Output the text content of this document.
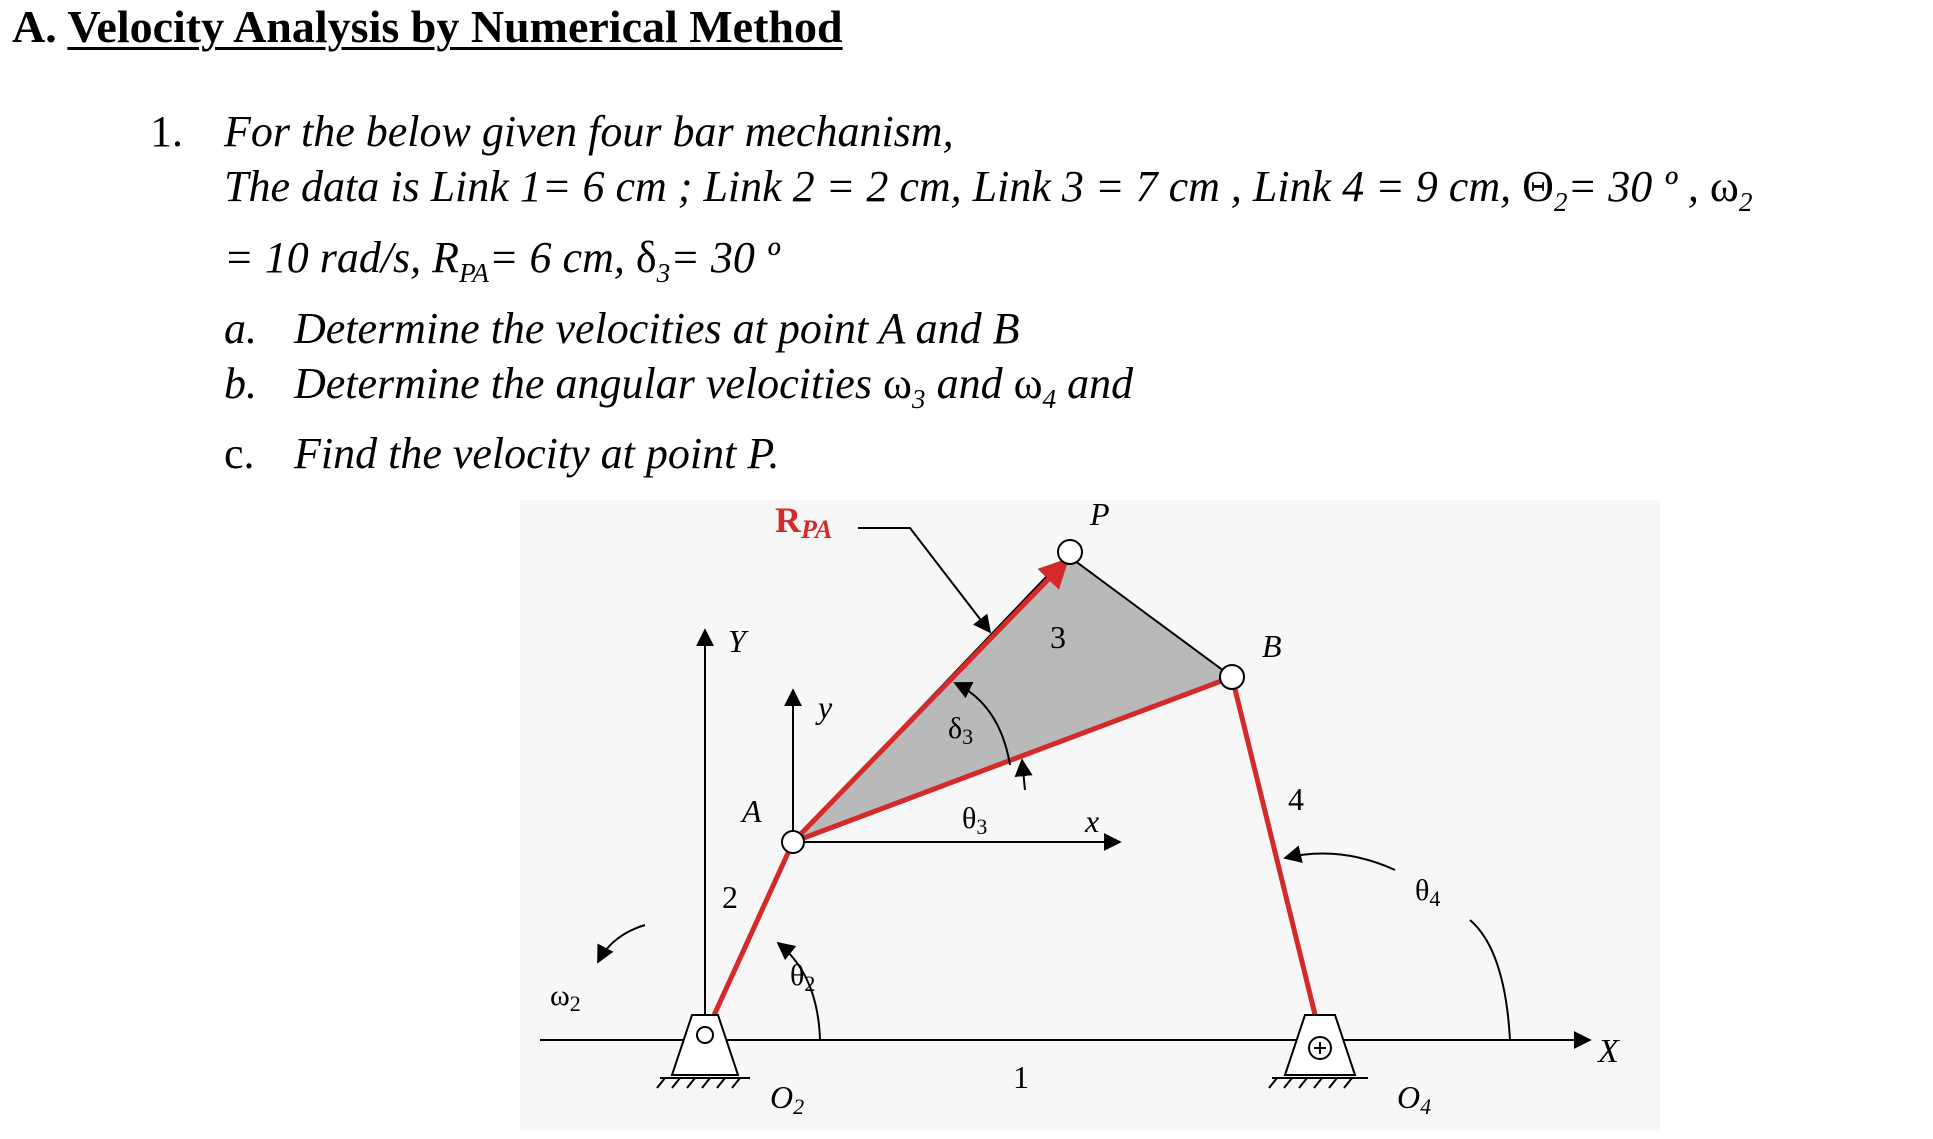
A. Velocity Analysis by Numerical Method
1. For the below given four bar mechanism,
The data is Link 1= 6 cm ; Link 2 = 2 cm, Link 3 = 7 cm , Link 4 = 9 cm, $\Theta_2= 30$ º , $\omega_2$
= 10 rad/s, $R_{PA}= 6$ cm, $\delta_3= 30$ º
a. Determine the velocities at point A and B
b. Determine the angular velocities $\omega_3$ and $\omega_4$ and
c. Find the velocity at point P.
RPA	P
B
A
Y
y
x
X
1
2
3
4
$\delta_3$
$\theta_3$
$\theta_2$
$\theta_4$
$\omega_2$
O2	O4
